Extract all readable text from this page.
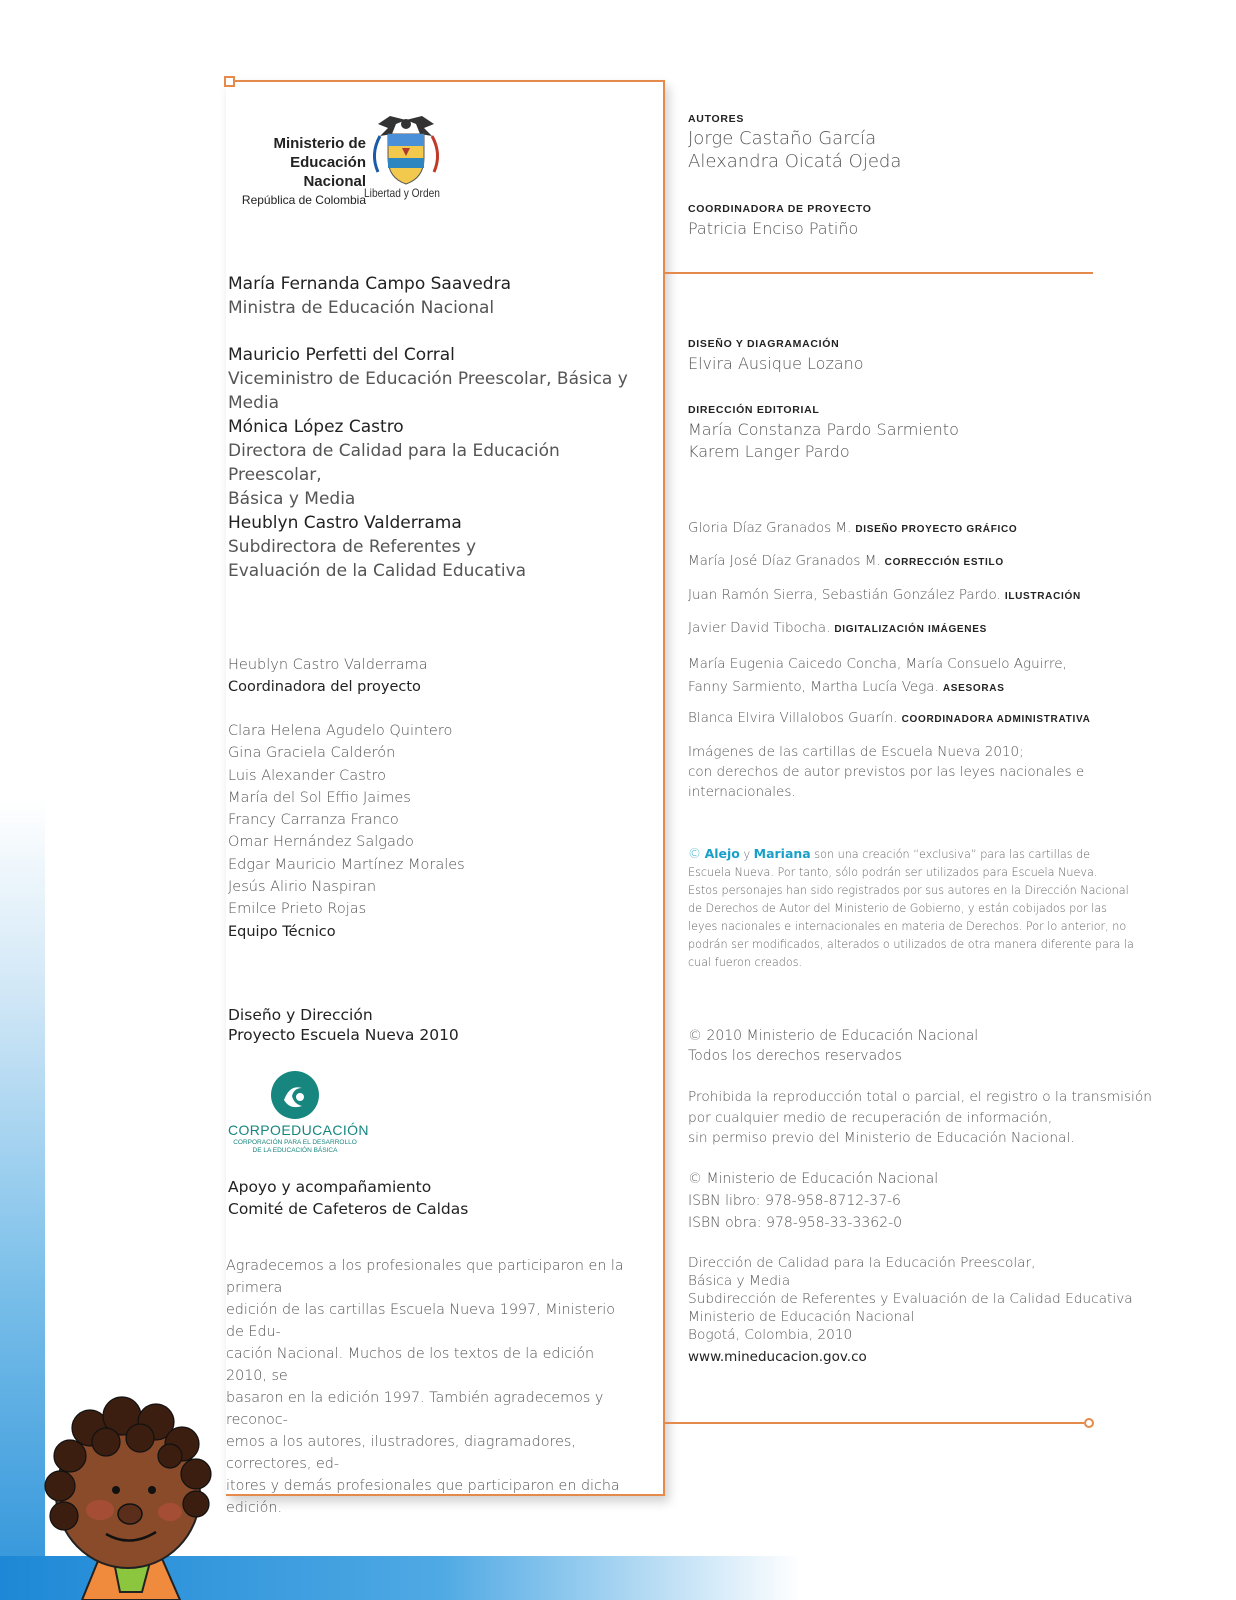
Ministerio de
Educación Nacional
República de Colombia
Libertad y Orden
María Fernanda Campo Saavedra
Ministra de Educación Nacional
Mauricio Perfetti del Corral
Viceministro de Educación Preescolar, Básica y Media
Mónica López Castro
Directora de Calidad para la Educación Preescolar,
Básica y Media
Heublyn Castro Valderrama
Subdirectora de Referentes y
Evaluación de la Calidad Educativa
Heublyn Castro Valderrama
Coordinadora del proyecto
Clara Helena Agudelo Quintero
Gina Graciela Calderón
Luis Alexander Castro
María del Sol Effio Jaimes
Francy Carranza Franco
Omar Hernández Salgado
Edgar Mauricio Martínez Morales
Jesús Alirio Naspiran
Emilce Prieto Rojas
Equipo Técnico
Diseño y Dirección
Proyecto Escuela Nueva 2010
CORPOEDUCACIÓN
CORPORACIÓN PARA EL DESARROLLO
DE LA EDUCACIÓN BÁSICA
Apoyo y acompañamiento
Comité de Cafeteros de Caldas
Agradecemos a los profesionales que participaron en la primera
edición de las cartillas Escuela Nueva 1997, Ministerio de Edu-
cación Nacional. Muchos de los textos de la edición 2010, se
basaron en la edición 1997. También agradecemos y reconoc-
emos a los autores, ilustradores, diagramadores, correctores, ed-
itores y demás profesionales que participaron en dicha edición.
AUTORES
Jorge Castaño García
Alexandra Oicatá Ojeda
COORDINADORA DE PROYECTO
Patricia Enciso Patiño
DISEÑO Y DIAGRAMACIÓN
Elvira Ausique Lozano
DIRECCIÓN EDITORIAL
María Constanza Pardo Sarmiento
Karem Langer Pardo
Gloria Díaz Granados M. DISEÑO PROYECTO GRÁFICO
María José Díaz Granados M. CORRECCIÓN ESTILO
Juan Ramón Sierra, Sebastián González Pardo. ILUSTRACIÓN
Javier David Tibocha. DIGITALIZACIÓN IMÁGENES
María Eugenia Caicedo Concha, María Consuelo Aguirre,
Fanny Sarmiento, Martha Lucía Vega. ASESORAS
Blanca Elvira Villalobos Guarín. COORDINADORA ADMINISTRATIVA
Imágenes de las cartillas de Escuela Nueva 2010;
con derechos de autor previstos por las leyes nacionales e
internacionales.
© Alejo y Mariana son una creación “exclusiva” para las cartillas de
Escuela Nueva. Por tanto, sólo podrán ser utilizados para Escuela Nueva.
Estos personajes han sido registrados por sus autores en la Dirección Nacional
de Derechos de Autor del Ministerio de Gobierno, y están cobijados por las
leyes nacionales e internacionales en materia de Derechos. Por lo anterior, no
podrán ser modificados, alterados o utilizados de otra manera diferente para la
cual fueron creados.
© 2010 Ministerio de Educación Nacional
Todos los derechos reservados
Prohibida la reproducción total o parcial, el registro o la transmisión
por cualquier medio de recuperación de información,
sin permiso previo del Ministerio de Educación Nacional.
© Ministerio de Educación Nacional
ISBN libro: 978-958-8712-37-6
ISBN obra: 978-958-33-3362-0
Dirección de Calidad para la Educación Preescolar,
Básica y Media
Subdirección de Referentes y Evaluación de la Calidad Educativa
Ministerio de Educación Nacional
Bogotá, Colombia, 2010
www.mineducacion.gov.co
